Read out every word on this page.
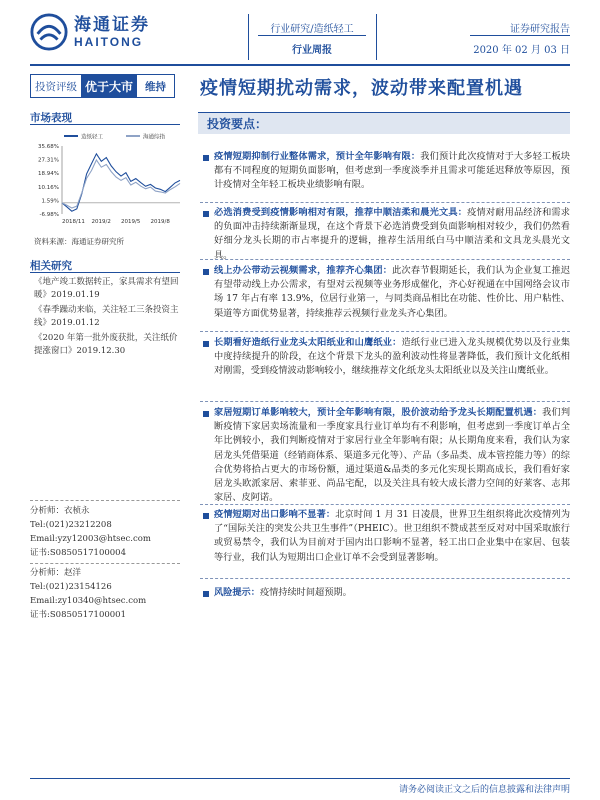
海通证券
HAITONG
行业研究/造纸轻工
行业周报
证券研究报告
2020 年 02 月 03 日
投资评级 优于大市	维持	疫情短期扰动需求，波动带来配置机遇
市场表现
造纸轻工	海通综指
35.68%
27.31%
18.94%
10.16%
1.59%
-6.98%
2018/11 2019/2 2019/5 2019/8
资料来源：海通证券研究所
相关研究
《地产竣工数据转正，家具需求有望回暖》2019.01.19
《春季躁动来临，关注轻工三条投资主线》2019.01.12
《2020 年第一批外废获批，关注纸价提涨窗口》2019.12.30
分析师：衣桢永
Tel:(021)23212208
Email:yzy12003@htsec.com
证书:S0850517100004
分析师：赵洋
Tel:(021)23154126
Email:zy10340@htsec.com
证书:S0850517100001
投资要点：
疫情短期抑制行业整体需求，预计全年影响有限：我们预计此次疫情对于大多轻工板块都有不同程度的短期负面影响，但考虑到一季度淡季并且需求可能延迟释放等原因，预计疫情对全年轻工板块业绩影响有限。
必选消费受到疫情影响相对有限，推荐中顺洁柔和晨光文具：疫情对耐用品经济和需求的负面冲击持续渐渐显现，在这个背景下必选消费受到负面影响相对较少，我们仍然看好细分龙头长期的市占率提升的逻辑，推荐生活用纸白马中顺洁柔和文具龙头晨光文具。
线上办公带动云视频需求，推荐齐心集团：此次春节假期延长，我们认为企业复工推迟有望带动线上办公需求，有望对云视频等业务形成催化，齐心好视通在中国网络会议市场 17 年占有率 13.9%，位居行业第一，与同类商品相比在功能、性价比、用户粘性、渠道等方面优势显著，持续推荐云视频行业龙头齐心集团。
长期看好造纸行业龙头太阳纸业和山鹰纸业：造纸行业已进入龙头规模优势以及行业集中度持续提升的阶段，在这个背景下龙头的盈利波动性将显著降低，我们预计文化纸相对刚需，受到疫情波动影响较小，继续推荐文化纸龙头太阳纸业以及关注山鹰纸业。
家居短期订单影响较大，预计全年影响有限，股价波动给予龙头长期配置机遇：我们判断疫情下家居卖场流量和一季度家具行业订单均有不利影响，但考虑到一季度订单占全年比例较小，我们判断疫情对于家居行业全年影响有限；从长期角度来看，我们认为家居龙头凭借渠道（经销商体系、渠道多元化等）、产品（多品类、成本管控能力等）的综合优势将拾占更大的市场份额，通过渠道&品类的多元化实现长期高成长，我们看好家居龙头欧派家居、索菲亚、尚品宅配，以及关注具有较大成长潜力空间的好莱客、志邦家居、皮阿诺。
疫情短期对出口影响不显著：北京时间 1 月 31 日凌晨，世界卫生组织将此次疫情列为了“国际关注的突发公共卫生事件”（PHEIC）。世卫组织不赞成甚至反对对中国采取旅行或贸易禁令，我们认为目前对于国内出口影响不显著，轻工出口企业集中在家居、包装等行业，我们认为短期出口企业订单不会受到显著影响。
风险提示：疫情持续时间超预期。
请务必阅读正文之后的信息披露和法律声明
